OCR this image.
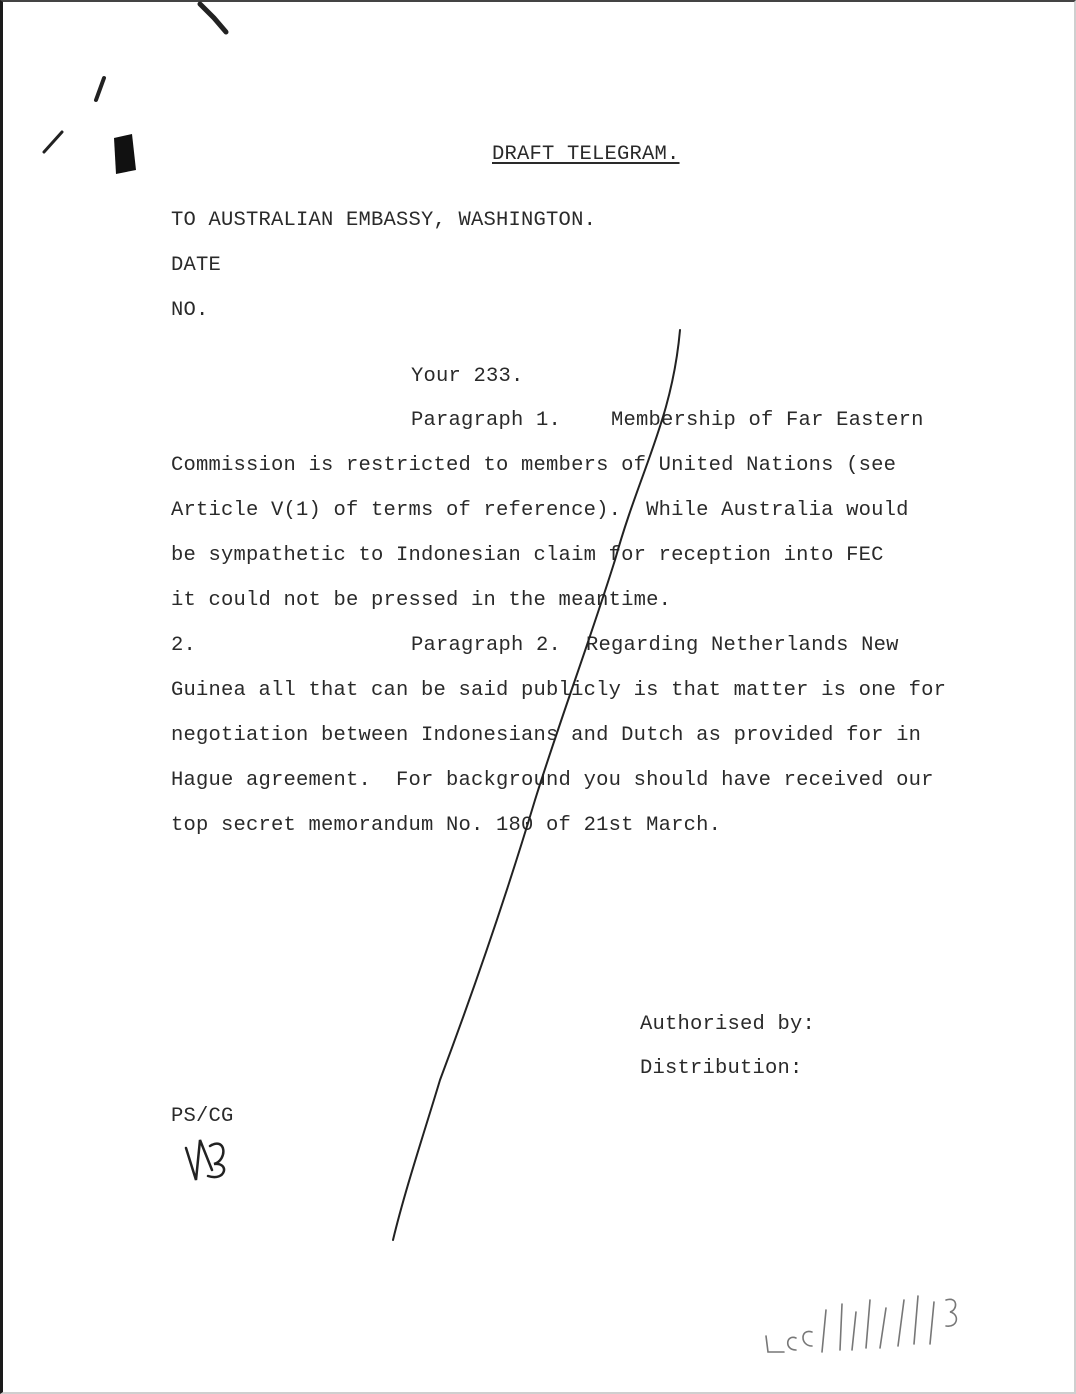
DRAFT TELEGRAM.
TO AUSTRALIAN EMBASSY, WASHINGTON.
DATE
NO.
Your 233.
Paragraph 1.    Membership of Far Eastern
Commission is restricted to members of United Nations (see
Article V(1) of terms of reference).  While Australia would
be sympathetic to Indonesian claim for reception into FEC
it could not be pressed in the meantime.
2.	Paragraph 2.  Regarding Netherlands New
Guinea all that can be said publicly is that matter is one for
negotiation between Indonesians and Dutch as provided for in
Hague agreement.  For background you should have received our
top secret memorandum No. 180 of 21st March.
Authorised by:
Distribution:
PS/CG
NB
